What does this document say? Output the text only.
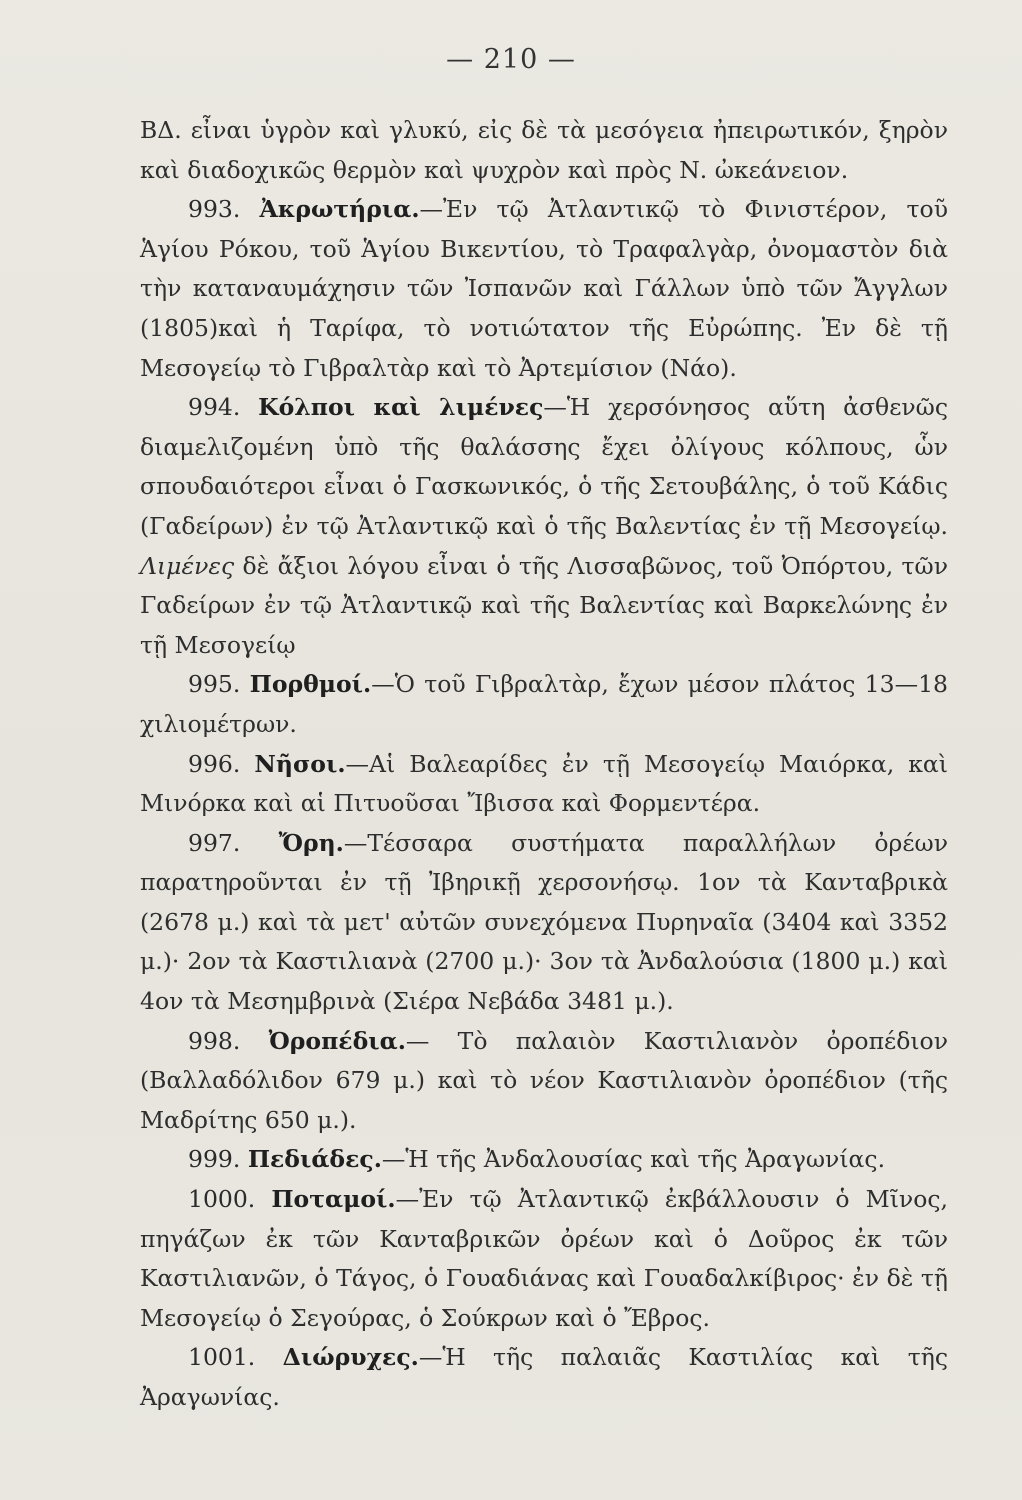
— 210 —

ΒΔ. εἶναι ὑγρὸν καὶ γλυκύ, εἰς δὲ τὰ μεσόγεια ἠπειρωτικόν, ξηρὸν καὶ διαδοχικῶς θερμὸν καὶ ψυχρὸν καὶ πρὸς Ν. ὠκεάνειον.

993. Ἀκρωτήρια.—Ἐν τῷ Ἀτλαντικῷ τὸ Φινιστέρον, τοῦ Ἁγίου Ρόκου, τοῦ Ἁγίου Βικεντίου, τὸ Τραφαλγὰρ, ὀνομαστὸν διὰ τὴν καταναυμάχησιν τῶν Ἰσπανῶν καὶ Γάλλων ὑπὸ τῶν Ἄγγλων (1805)καὶ ἡ Ταρίφα, τὸ νοτιώτατον τῆς Εὐρώπης. Ἐν δὲ τῇ Μεσογείῳ τὸ Γιβραλτὰρ καὶ τὸ Ἀρτεμίσιον (Νάο).

994. Κόλποι καὶ λιμένες—Ἡ χερσόνησος αὕτη ἀσθενῶς διαμελιζομένη ὑπὸ τῆς θαλάσσης ἔχει ὀλίγους κόλπους, ὧν σπουδαιότεροι εἶναι ὁ Γασκωνικός, ὁ τῆς Σετουβάλης, ὁ τοῦ Κάδις (Γαδείρων) ἐν τῷ Ἀτλαντικῷ καὶ ὁ τῆς Βαλεντίας ἐν τῇ Μεσογείῳ. Λιμένες δὲ ἄξιοι λόγου εἶναι ὁ τῆς Λισσαβῶνος, τοῦ Ὀπόρτου, τῶν Γαδείρων ἐν τῷ Ἀτλαντικῷ καὶ τῆς Βαλεντίας καὶ Βαρκελώνης ἐν τῇ Μεσογείῳ

995. Πορθμοί.—Ὁ τοῦ Γιβραλτὰρ, ἔχων μέσον πλάτος 13—18 χιλιομέτρων.

996. Νῆσοι.—Αἱ Βαλεαρίδες ἐν τῇ Μεσογείῳ Μαιόρκα, καὶ Μινόρκα καὶ αἱ Πιτυοῦσαι Ἴβισσα καὶ Φορμεντέρα.

997. Ὄρη.—Τέσσαρα συστήματα παραλλήλων ὀρέων παρατηροῦνται ἐν τῇ Ἰβηρικῇ χερσονήσῳ. 1ον τὰ Κανταβρικὰ (2678 μ.) καὶ τὰ μετ' αὐτῶν συνεχόμενα Πυρηναῖα (3404 καὶ 3352 μ.)· 2ον τὰ Καστιλιανὰ (2700 μ.)· 3ον τὰ Ἀνδαλούσια (1800 μ.) καὶ 4ον τὰ Μεσημβρινὰ (Σιέρα Νεβάδα 3481 μ.).

998. Ὀροπέδια.— Τὸ παλαιὸν Καστιλιανὸν ὀροπέδιον (Βαλλαδόλιδον 679 μ.) καὶ τὸ νέον Καστιλιανὸν ὀροπέδιον (τῆς Μαδρίτης 650 μ.).

999. Πεδιάδες.—Ἡ τῆς Ἀνδαλουσίας καὶ τῆς Ἀραγωνίας.

1000. Ποταμοί.—Ἐν τῷ Ἀτλαντικῷ ἐκβάλλουσιν ὁ Μῖνος, πηγάζων ἐκ τῶν Κανταβρικῶν ὀρέων καὶ ὁ Δοῦρος ἐκ τῶν Καστιλιανῶν, ὁ Τάγος, ὁ Γουαδιάνας καὶ Γουαδαλκίβιρος· ἐν δὲ τῇ Μεσογείῳ ὁ Σεγούρας, ὁ Σούκρων καὶ ὁ Ἔβρος.

1001. Διώρυχες.—Ἡ τῆς παλαιᾶς Καστιλίας καὶ τῆς Ἀραγωνίας.
